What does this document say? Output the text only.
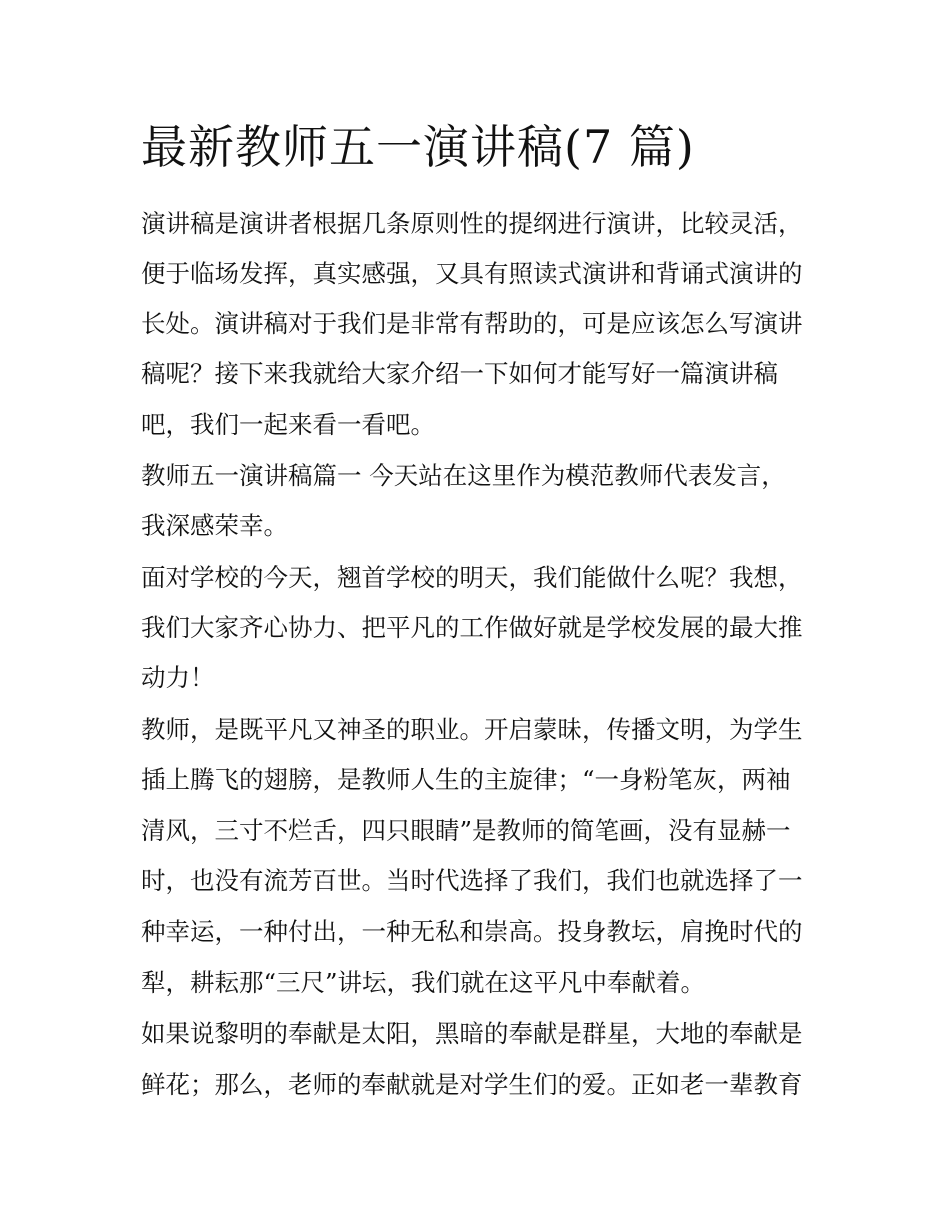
最新教师五一演讲稿(7 篇)

演讲稿是演讲者根据几条原则性的提纲进行演讲，比较灵活，

便于临场发挥，真实感强，又具有照读式演讲和背诵式演讲的

长处。演讲稿对于我们是非常有帮助的，可是应该怎么写演讲

稿呢？接下来我就给大家介绍一下如何才能写好一篇演讲稿

吧，我们一起来看一看吧。

教师五一演讲稿篇一 今天站在这里作为模范教师代表发言，

我深感荣幸。

面对学校的今天，翘首学校的明天，我们能做什么呢？我想，

我们大家齐心协力、把平凡的工作做好就是学校发展的最大推

动力！

教师，是既平凡又神圣的职业。开启蒙昧，传播文明，为学生

插上腾飞的翅膀，是教师人生的主旋律；“一身粉笔灰，两袖

清风，三寸不烂舌，四只眼睛”是教师的简笔画，没有显赫一

时，也没有流芳百世。当时代选择了我们，我们也就选择了一

种幸运，一种付出，一种无私和崇高。投身教坛，肩挽时代的

犁，耕耘那“三尺”讲坛，我们就在这平凡中奉献着。

如果说黎明的奉献是太阳，黑暗的奉献是群星，大地的奉献是

鲜花；那么，老师的奉献就是对学生们的爱。正如老一辈教育
